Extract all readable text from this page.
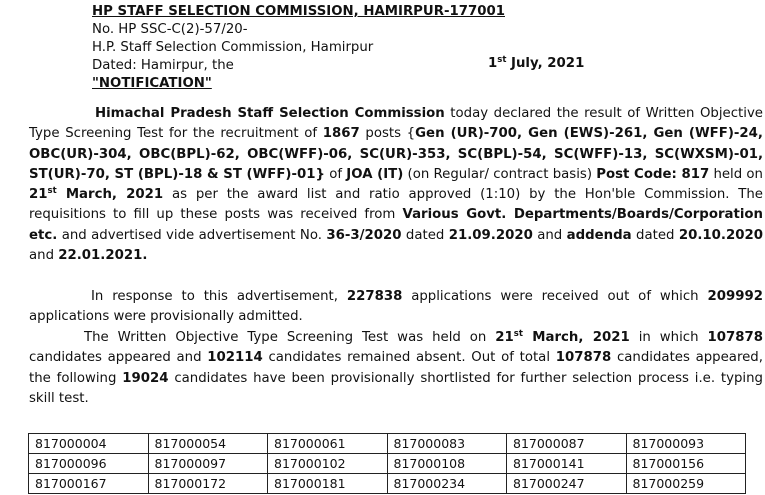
HP STAFF SELECTION COMMISSION, HAMIRPUR-177001
No. HP SSC-C(2)-57/20-
H.P. Staff Selection Commission, Hamirpur
Dated: Hamirpur, the	1st July, 2021
"NOTIFICATION"

Himachal Pradesh Staff Selection Commission today declared the result of Written Objective Type Screening Test for the recruitment of 1867 posts {Gen (UR)-700, Gen (EWS)-261, Gen (WFF)-24, OBC(UR)-304, OBC(BPL)-62, OBC(WFF)-06, SC(UR)-353, SC(BPL)-54, SC(WFF)-13, SC(WXSM)-01, ST(UR)-70, ST (BPL)-18 & ST (WFF)-01} of JOA (IT) (on Regular/ contract basis) Post Code: 817 held on 21st March, 2021 as per the award list and ratio approved (1:10) by the Hon'ble Commission. The requisitions to fill up these posts was received from Various Govt. Departments/Boards/Corporation etc. and advertised vide advertisement No. 36-3/2020 dated 21.09.2020 and addenda dated 20.10.2020 and 22.01.2021.

In response to this advertisement, 227838 applications were received out of which 209992 applications were provisionally admitted.

The Written Objective Type Screening Test was held on 21st March, 2021 in which 107878 candidates appeared and 102114 candidates remained absent. Out of total 107878 candidates appeared, the following 19024 candidates have been provisionally shortlisted for further selection process i.e. typing skill test.

817000004	817000054	817000061	817000083	817000087	817000093
817000096	817000097	817000102	817000108	817000141	817000156
817000167	817000172	817000181	817000234	817000247	817000259
